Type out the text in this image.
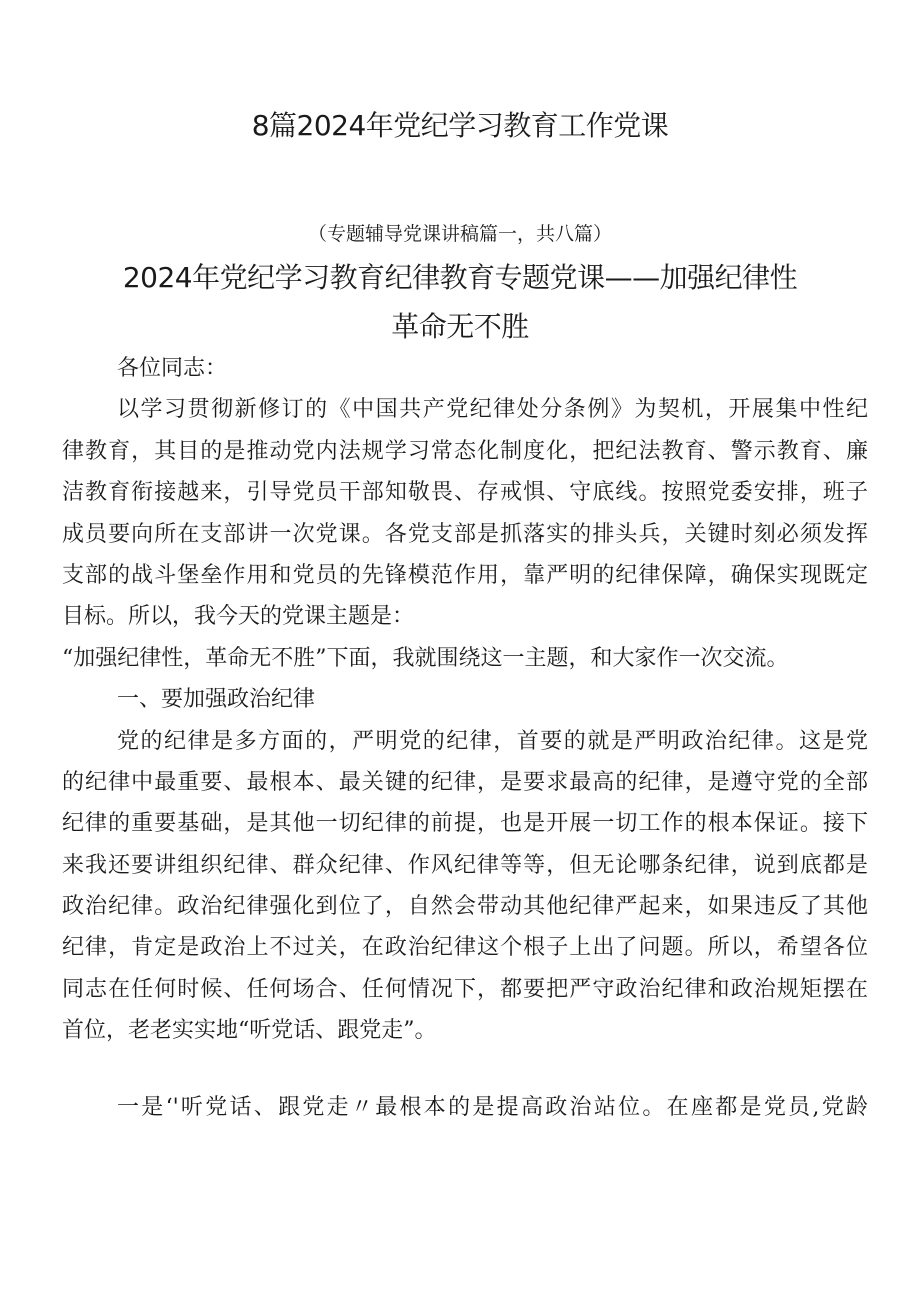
8篇2024年党纪学习教育工作党课
（专题辅导党课讲稿篇一，共八篇）
2024年党纪学习教育纪律教育专题党课——加强纪律性
革命无不胜
各位同志：
以学习贯彻新修订的《中国共产党纪律处分条例》为契机，开展集中性纪
律教育，其目的是推动党内法规学习常态化制度化，把纪法教育、警示教育、廉
洁教育衔接越来，引导党员干部知敬畏、存戒惧、守底线。按照党委安排，班子
成员要向所在支部讲一次党课。各党支部是抓落实的排头兵，关键时刻必须发挥
支部的战斗堡垒作用和党员的先锋模范作用，靠严明的纪律保障，确保实现既定
目标。所以，我今天的党课主题是：
“加强纪律性，革命无不胜”下面，我就围绕这一主题，和大家作一次交流。
一、要加强政治纪律
党的纪律是多方面的，严明党的纪律，首要的就是严明政治纪律。这是党
的纪律中最重要、最根本、最关键的纪律，是要求最高的纪律，是遵守党的全部
纪律的重要基础，是其他一切纪律的前提，也是开展一切工作的根本保证。接下
来我还要讲组织纪律、群众纪律、作风纪律等等，但无论哪条纪律，说到底都是
政治纪律。政治纪律强化到位了，自然会带动其他纪律严起来，如果违反了其他
纪律，肯定是政治上不过关，在政治纪律这个根子上出了问题。所以，希望各位
同志在任何时候、任何场合、任何情况下，都要把严守政治纪律和政治规矩摆在
首位，老老实实地“听党话、跟党走”。
一是‘'听党话、跟党走〃最根本的是提高政治站位。在座都是党员,党龄
